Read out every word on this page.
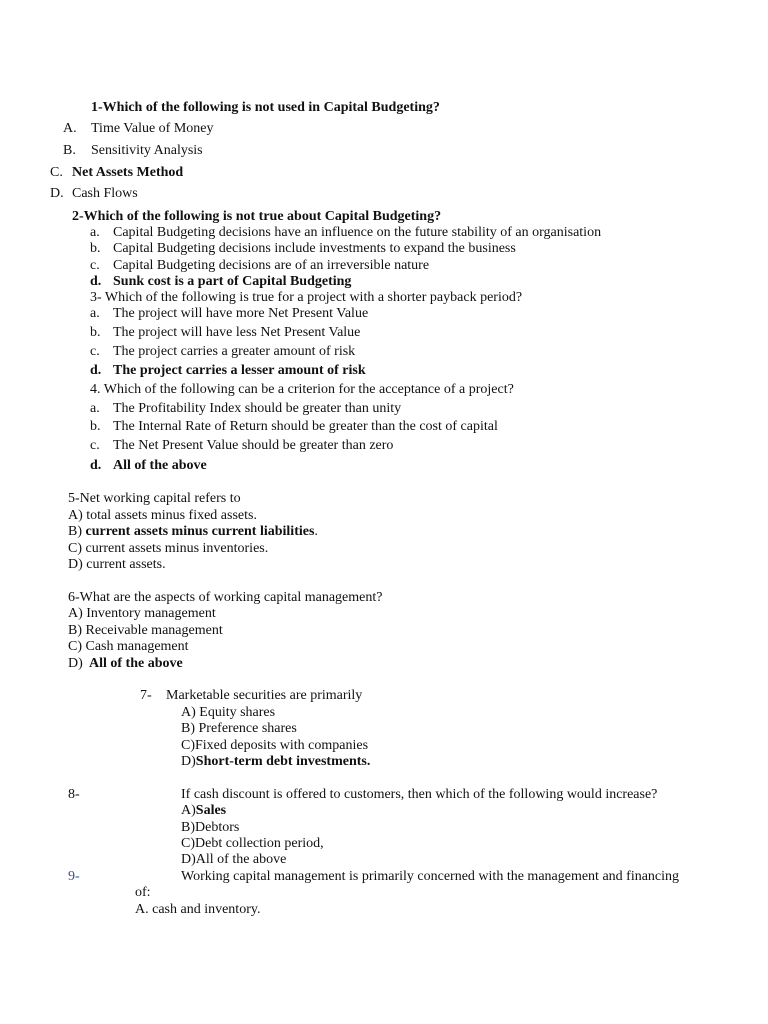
1-Which of the following is not used in Capital Budgeting?
A. Time Value of Money
B. Sensitivity Analysis
C. Net Assets Method
D. Cash Flows
2-Which of the following is not true about Capital Budgeting?
a. Capital Budgeting decisions have an influence on the future stability of an organisation
b. Capital Budgeting decisions include investments to expand the business
c. Capital Budgeting decisions are of an irreversible nature
d. Sunk cost is a part of Capital Budgeting
3- Which of the following is true for a project with a shorter payback period?
a. The project will have more Net Present Value
b. The project will have less Net Present Value
c. The project carries a greater amount of risk
d. The project carries a lesser amount of risk
4. Which of the following can be a criterion for the acceptance of a project?
a. The Profitability Index should be greater than unity
b. The Internal Rate of Return should be greater than the cost of capital
c. The Net Present Value should be greater than zero
d. All of the above
5-Net working capital refers to
A) total assets minus fixed assets.
B) current assets minus current liabilities.
C) current assets minus inventories.
D) current assets.
6-What are the aspects of working capital management?
A) Inventory management
B) Receivable management
C) Cash management
D) All of the above
7- Marketable securities are primarily
A) Equity shares
B) Preference shares
C)Fixed deposits with companies
D)Short-term debt investments.
8-	If cash discount is offered to customers, then which of the following would increase?
A)Sales
B)Debtors
C)Debt collection period,
D)All of the above
9-	Working capital management is primarily concerned with the management and financing
of:
A. cash and inventory.
